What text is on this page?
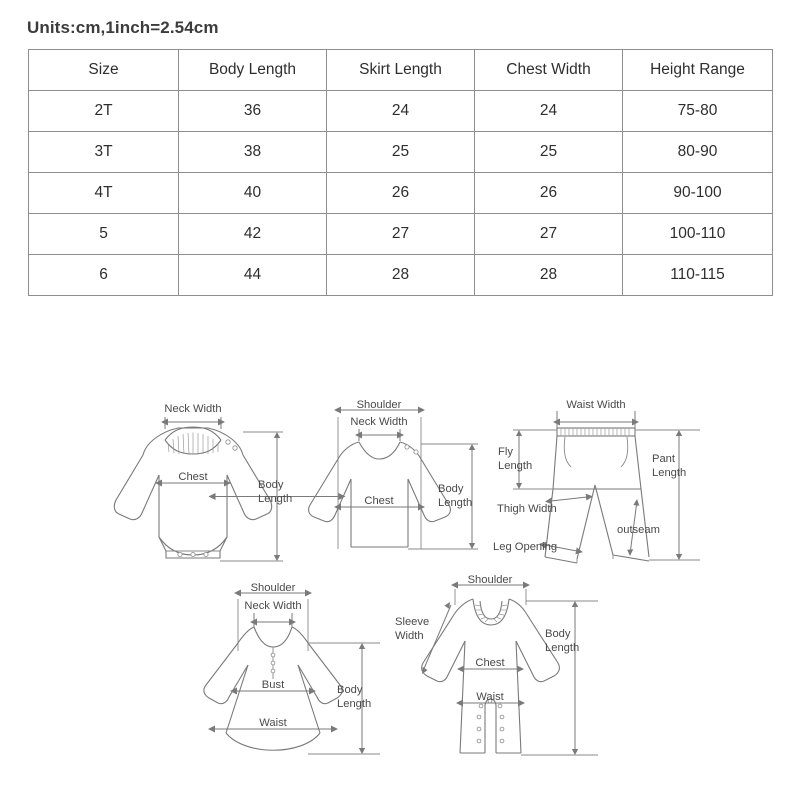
Units:cm,1inch=2.54cm
Size	Body Length	Skirt Length	Chest Width	Height Range
2T	36	24	24	75-80
3T	38	25	25	80-90
4T	40	26	26	90-100
5	42	27	27	100-110
6	44	28	28	110-115
Neck Width
Chest
Body
Length
Shoulder
Neck Width
Chest
Body
Length
Waist Width
Fly
Length
Thigh Width
Leg Opening
outseam
Pant
Length
Shoulder
Neck Width
Bust
Waist
Body
Length
Shoulder
Sleeve
Width
Chest
Waist
Body
Length
